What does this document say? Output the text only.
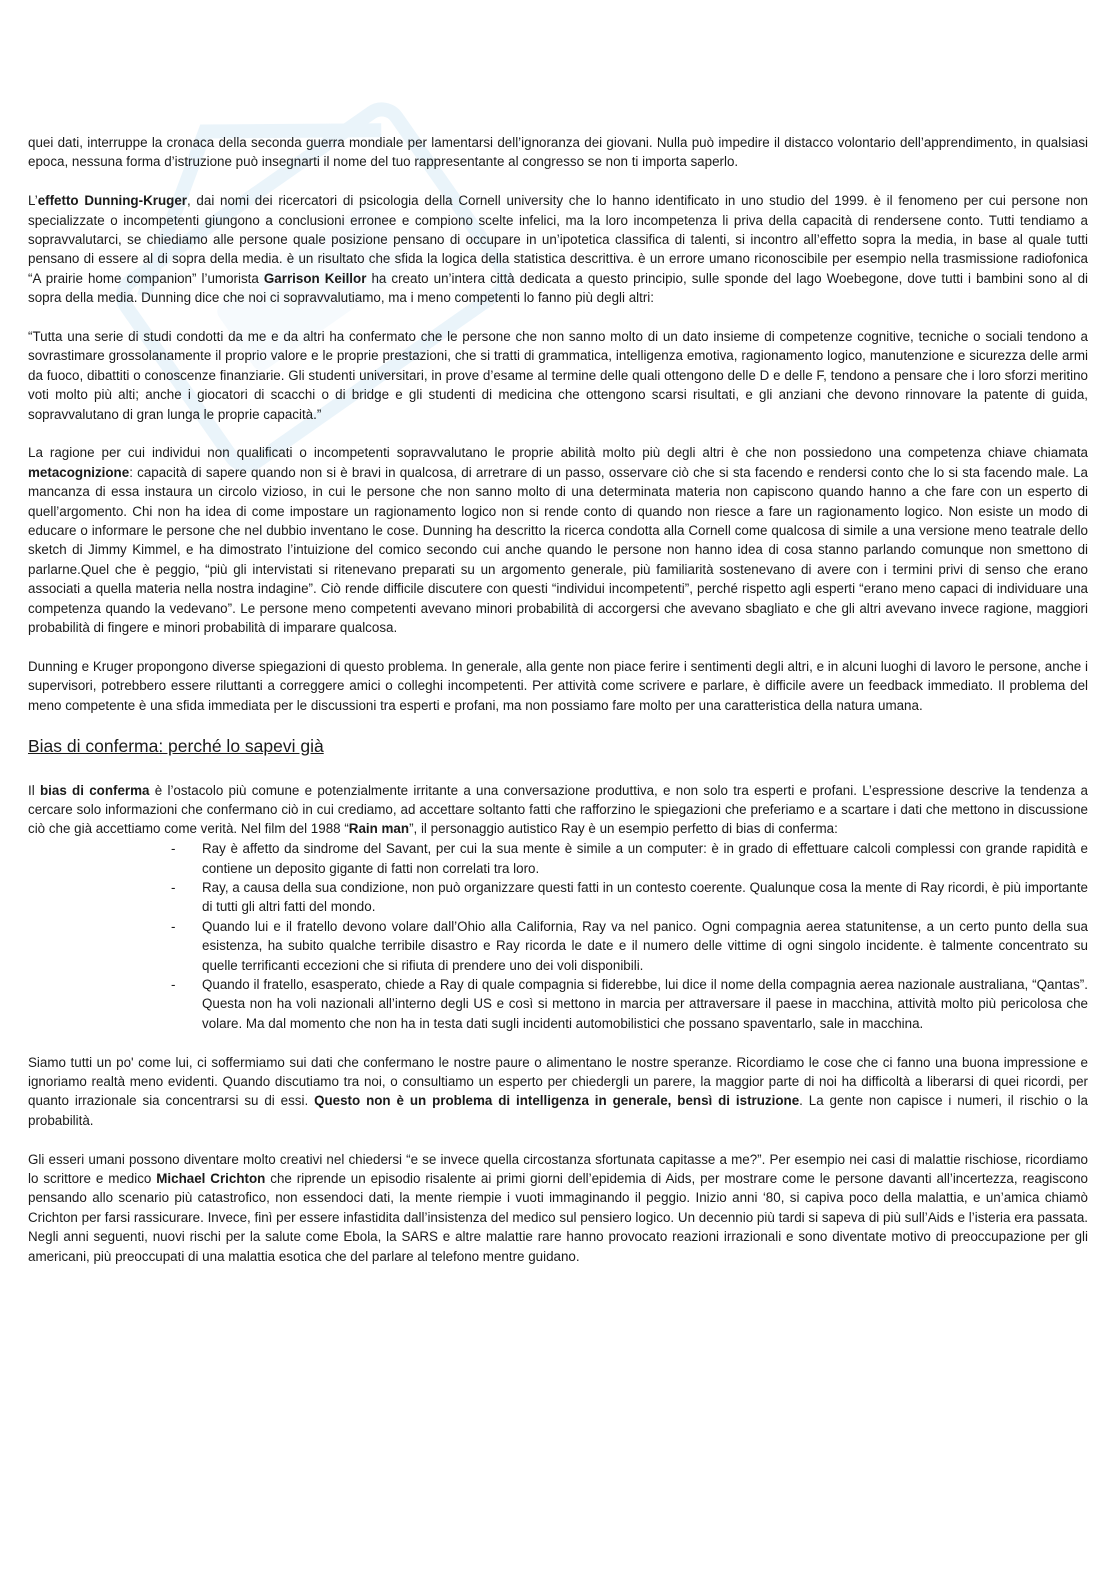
quei dati, interruppe la cronaca della seconda guerra mondiale per lamentarsi dell’ignoranza dei giovani. Nulla può impedire il distacco volontario dell’apprendimento, in qualsiasi epoca, nessuna forma d’istruzione può insegnarti il nome del tuo rappresentante al congresso se non ti importa saperlo.

L’effetto Dunning-Kruger, dai nomi dei ricercatori di psicologia della Cornell university che lo hanno identificato in uno studio del 1999. è il fenomeno per cui persone non specializzate o incompetenti giungono a conclusioni erronee e compiono scelte infelici, ma la loro incompetenza li priva della capacità di rendersene conto. Tutti tendiamo a sopravvalutarci, se chiediamo alle persone quale posizione pensano di occupare in un’ipotetica classifica di talenti, si incontro all’effetto sopra la media, in base al quale tutti pensano di essere al di sopra della media. è un risultato che sfida la logica della statistica descrittiva. è un errore umano riconoscibile per esempio nella trasmissione radiofonica “A prairie home companion” l’umorista Garrison Keillor ha creato un’intera città dedicata a questo principio, sulle sponde del lago Woebegone, dove tutti i bambini sono al di sopra della media. Dunning dice che noi ci sopravvalutiamo, ma i meno competenti lo fanno più degli altri:

“Tutta una serie di studi condotti da me e da altri ha confermato che le persone che non sanno molto di un dato insieme di competenze cognitive, tecniche o sociali tendono a sovrastimare grossolanamente il proprio valore e le proprie prestazioni, che si tratti di grammatica, intelligenza emotiva, ragionamento logico, manutenzione e sicurezza delle armi da fuoco, dibattiti o conoscenze finanziarie. Gli studenti universitari, in prove d’esame al termine delle quali ottengono delle D e delle F, tendono a pensare che i loro sforzi meritino voti molto più alti; anche i giocatori di scacchi o di bridge e gli studenti di medicina che ottengono scarsi risultati, e gli anziani che devono rinnovare la patente di guida, sopravvalutano di gran lunga le proprie capacità.”

La ragione per cui individui non qualificati o incompetenti sopravvalutano le proprie abilità molto più degli altri è che non possiedono una competenza chiave chiamata metacognizione: capacità di sapere quando non si è bravi in qualcosa, di arretrare di un passo, osservare ciò che si sta facendo e rendersi conto che lo si sta facendo male. La mancanza di essa instaura un circolo vizioso, in cui le persone che non sanno molto di una determinata materia non capiscono quando hanno a che fare con un esperto di quell’argomento. Chi non ha idea di come impostare un ragionamento logico non si rende conto di quando non riesce a fare un ragionamento logico. Non esiste un modo di educare o informare le persone che nel dubbio inventano le cose. Dunning ha descritto la ricerca condotta alla Cornell come qualcosa di simile a una versione meno teatrale dello sketch di Jimmy Kimmel, e ha dimostrato l’intuizione del comico secondo cui anche quando le persone non hanno idea di cosa stanno parlando comunque non smettono di parlarne.Quel che è peggio, “più gli intervistati si ritenevano preparati su un argomento generale, più familiarità sostenevano di avere con i termini privi di senso che erano associati a quella materia nella nostra indagine”. Ciò rende difficile discutere con questi “individui incompetenti”, perché rispetto agli esperti “erano meno capaci di individuare una competenza quando la vedevano”. Le persone meno competenti avevano minori probabilità di accorgersi che avevano sbagliato e che gli altri avevano invece ragione, maggiori probabilità di fingere e minori probabilità di imparare qualcosa.

Dunning e Kruger propongono diverse spiegazioni di questo problema. In generale, alla gente non piace ferire i sentimenti degli altri, e in alcuni luoghi di lavoro le persone, anche i supervisori, potrebbero essere riluttanti a correggere amici o colleghi incompetenti. Per attività come scrivere e parlare, è difficile avere un feedback immediato. Il problema del meno competente è una sfida immediata per le discussioni tra esperti e profani, ma non possiamo fare molto per una caratteristica della natura umana.

Bias di conferma: perché lo sapevi già

Il bias di conferma è l’ostacolo più comune e potenzialmente irritante a una conversazione produttiva, e non solo tra esperti e profani. L’espressione descrive la tendenza a cercare solo informazioni che confermano ciò in cui crediamo, ad accettare soltanto fatti che rafforzino le spiegazioni che preferiamo e a scartare i dati che mettono in discussione ciò che già accettiamo come verità. Nel film del 1988 “Rain man”, il personaggio autistico Ray è un esempio perfetto di bias di conferma:

- Ray è affetto da sindrome del Savant, per cui la sua mente è simile a un computer: è in grado di effettuare calcoli complessi con grande rapidità e contiene un deposito gigante di fatti non correlati tra loro.
- Ray, a causa della sua condizione, non può organizzare questi fatti in un contesto coerente. Qualunque cosa la mente di Ray ricordi, è più importante di tutti gli altri fatti del mondo.
- Quando lui e il fratello devono volare dall’Ohio alla California, Ray va nel panico. Ogni compagnia aerea statunitense, a un certo punto della sua esistenza, ha subito qualche terribile disastro e Ray ricorda le date e il numero delle vittime di ogni singolo incidente. è talmente concentrato su quelle terrificanti eccezioni che si rifiuta di prendere uno dei voli disponibili.
- Quando il fratello, esasperato, chiede a Ray di quale compagnia si fiderebbe, lui dice il nome della compagnia aerea nazionale australiana, “Qantas”. Questa non ha voli nazionali all’interno degli US e così si mettono in marcia per attraversare il paese in macchina, attività molto più pericolosa che volare. Ma dal momento che non ha in testa dati sugli incidenti automobilistici che possano spaventarlo, sale in macchina.

Siamo tutti un po' come lui, ci soffermiamo sui dati che confermano le nostre paure o alimentano le nostre speranze. Ricordiamo le cose che ci fanno una buona impressione e ignoriamo realtà meno evidenti. Quando discutiamo tra noi, o consultiamo un esperto per chiedergli un parere, la maggior parte di noi ha difficoltà a liberarsi di quei ricordi, per quanto irrazionale sia concentrarsi su di essi. Questo non è un problema di intelligenza in generale, bensì di istruzione. La gente non capisce i numeri, il rischio o la probabilità.

Gli esseri umani possono diventare molto creativi nel chiedersi “e se invece quella circostanza sfortunata capitasse a me?”. Per esempio nei casi di malattie rischiose, ricordiamo lo scrittore e medico Michael Crichton che riprende un episodio risalente ai primi giorni dell’epidemia di Aids, per mostrare come le persone davanti all’incertezza, reagiscono pensando allo scenario più catastrofico, non essendoci dati, la mente riempie i vuoti immaginando il peggio. Inizio anni ‘80, si capiva poco della malattia, e un’amica chiamò Crichton per farsi rassicurare. Invece, finì per essere infastidita dall’insistenza del medico sul pensiero logico. Un decennio più tardi si sapeva di più sull’Aids e l’isteria era passata. Negli anni seguenti, nuovi rischi per la salute come Ebola, la SARS e altre malattie rare hanno provocato reazioni irrazionali e sono diventate motivo di preoccupazione per gli americani, più preoccupati di una malattia esotica che del parlare al telefono mentre guidano.
